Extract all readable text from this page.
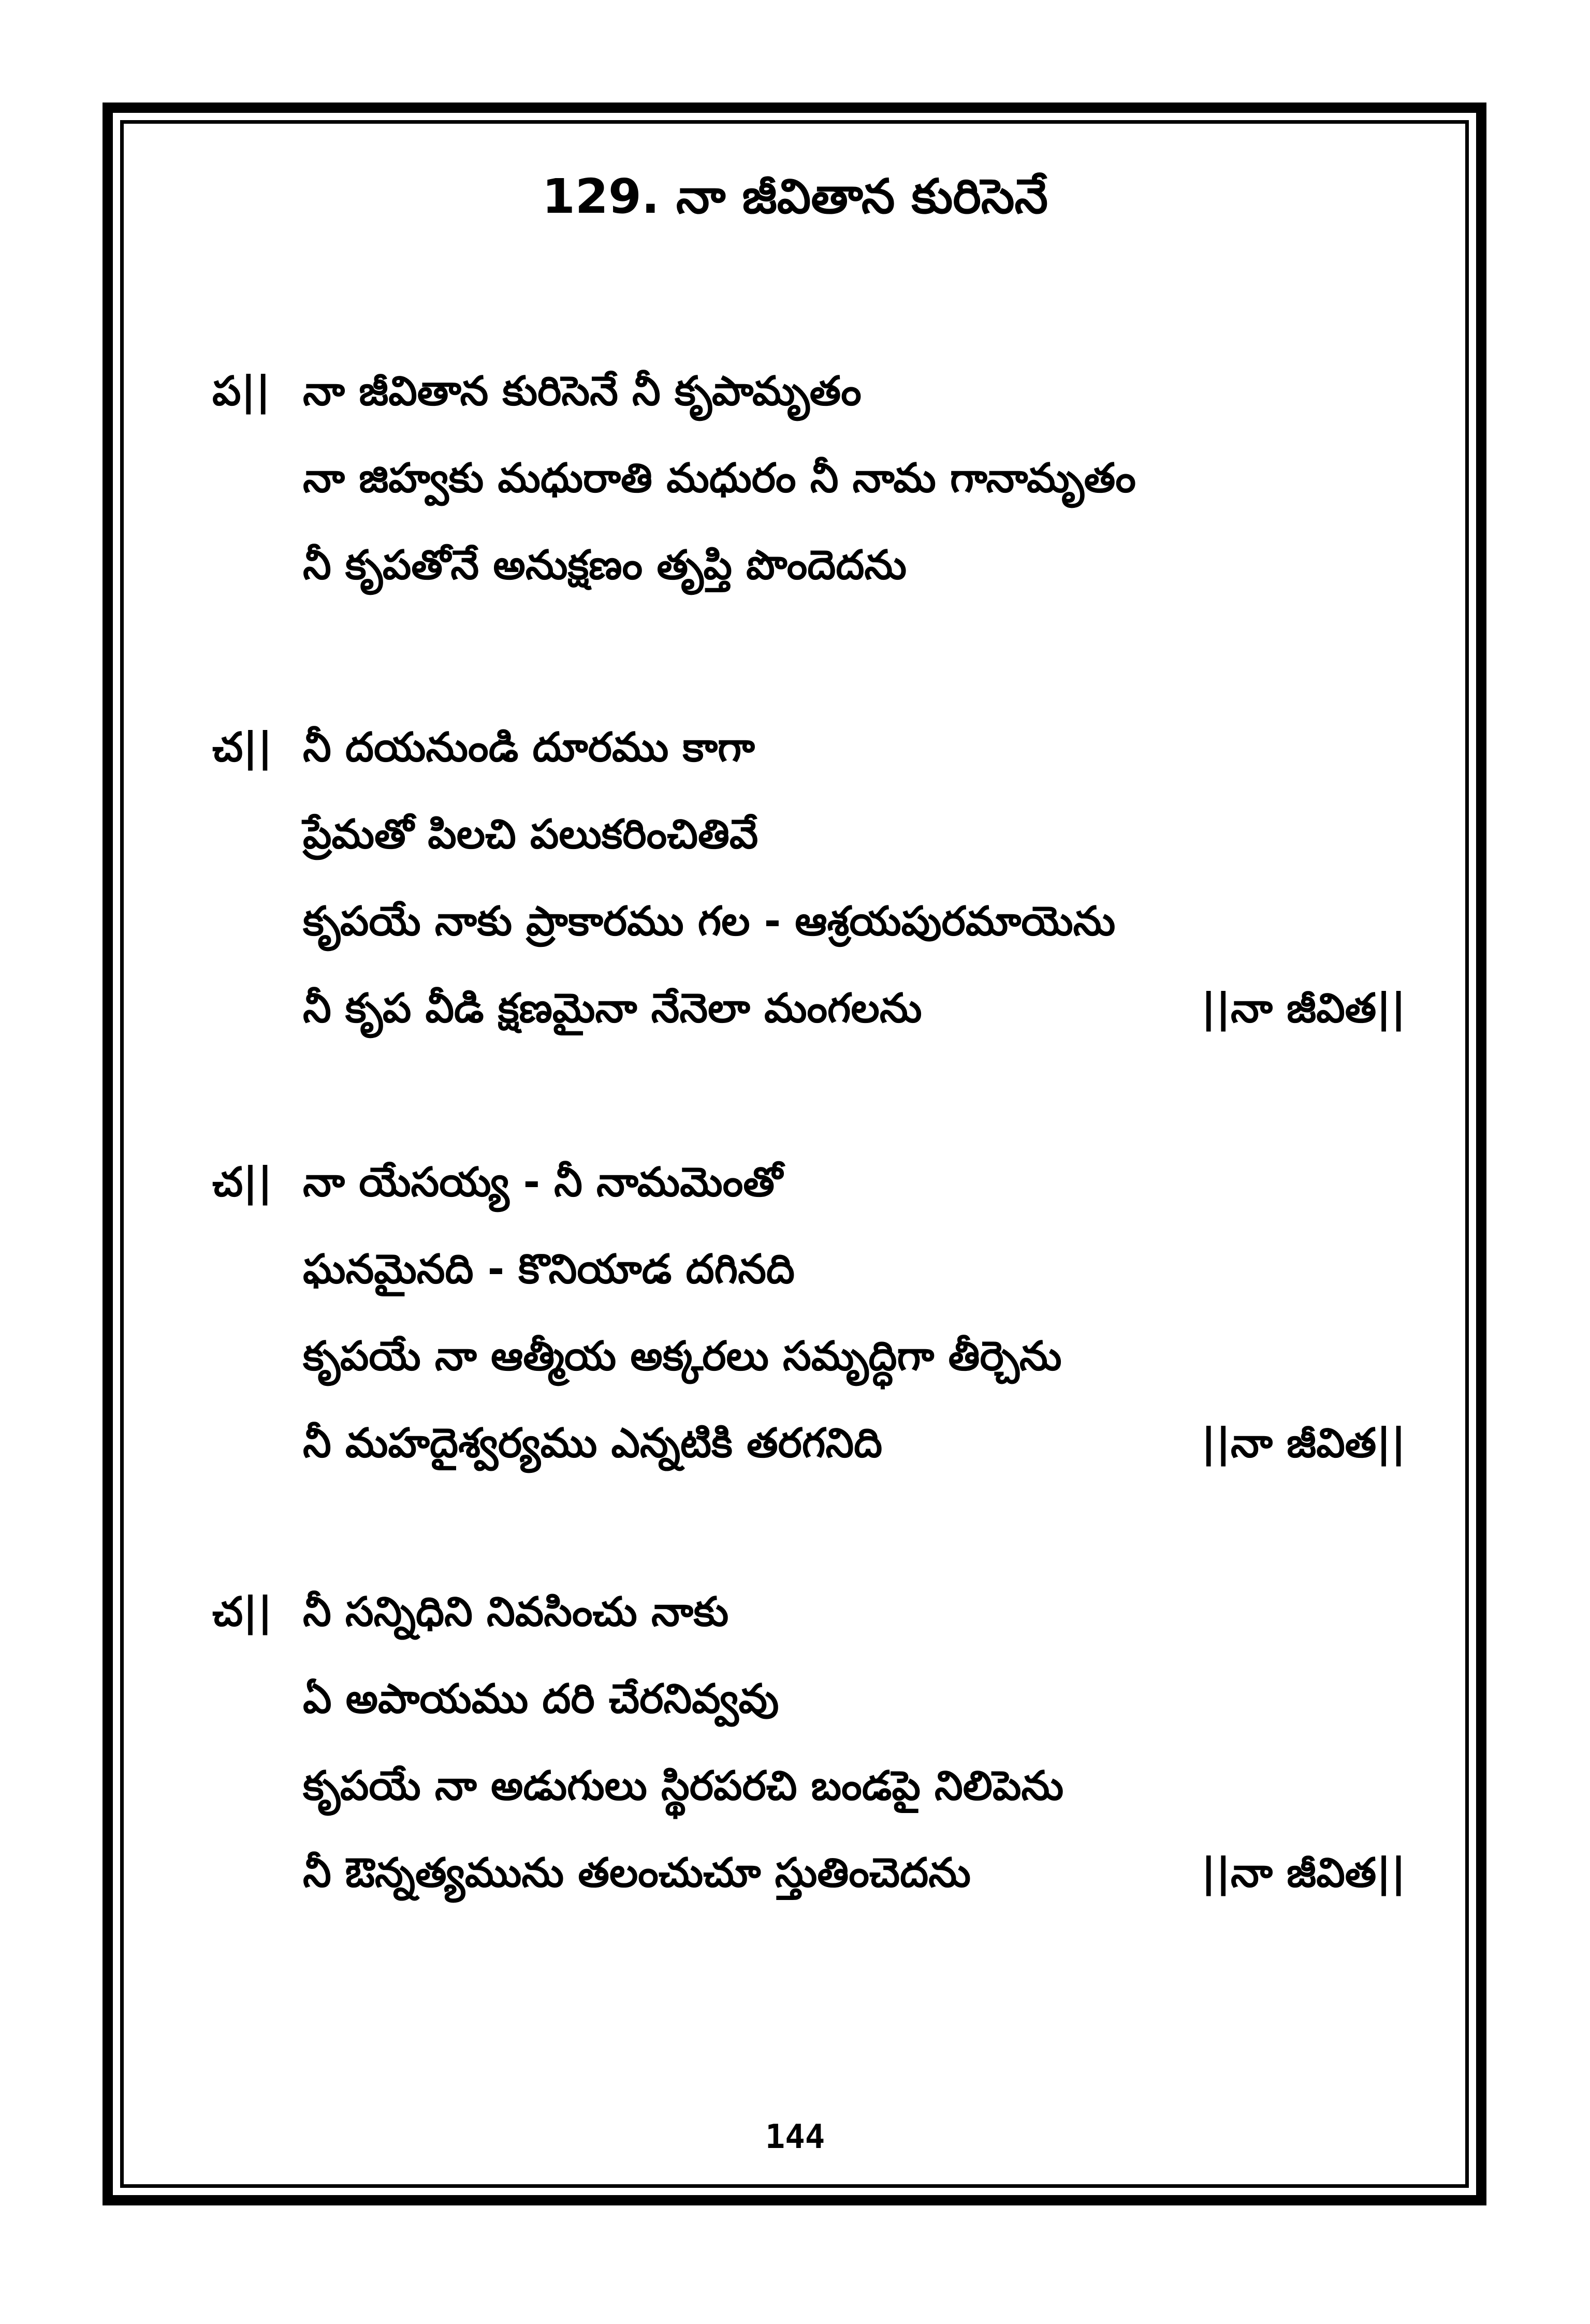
129. నా జీవితాన కురిసెనే
ప|| నా జీవితాన కురిసెనే నీ కృపామృతం
నా జిహ్వకు మధురాతి మధురం నీ నామ గానామృతం
నీ కృపతోనే అనుక్షణం తృప్తి పొందెదను
చ|| నీ దయనుండి దూరము కాగా
ప్రేమతో పిలచి పలుకరించితివే
కృపయే నాకు ప్రాకారము గల - ఆశ్రయపురమాయెను
నీ కృప వీడి క్షణమైనా నేనెలా మంగలను	||నా జీవిత||
చ|| నా యేసయ్య - నీ నామమెంతో
ఘనమైనది - కొనియాడ దగినది
కృపయే నా ఆత్మీయ అక్కరలు సమృద్ధిగా తీర్చెను
నీ మహదైశ్వర్యము ఎన్నటికి తరగనిది	||నా జీవిత||
చ|| నీ సన్నిధిని నివసించు నాకు
ఏ అపాయము దరి చేరనివ్వవు
కృపయే నా అడుగులు స్థిరపరచి బండపై నిలిపెను
నీ ఔన్నత్యమును తలంచుచూ స్తుతించెదను	||నా జీవిత||
144
